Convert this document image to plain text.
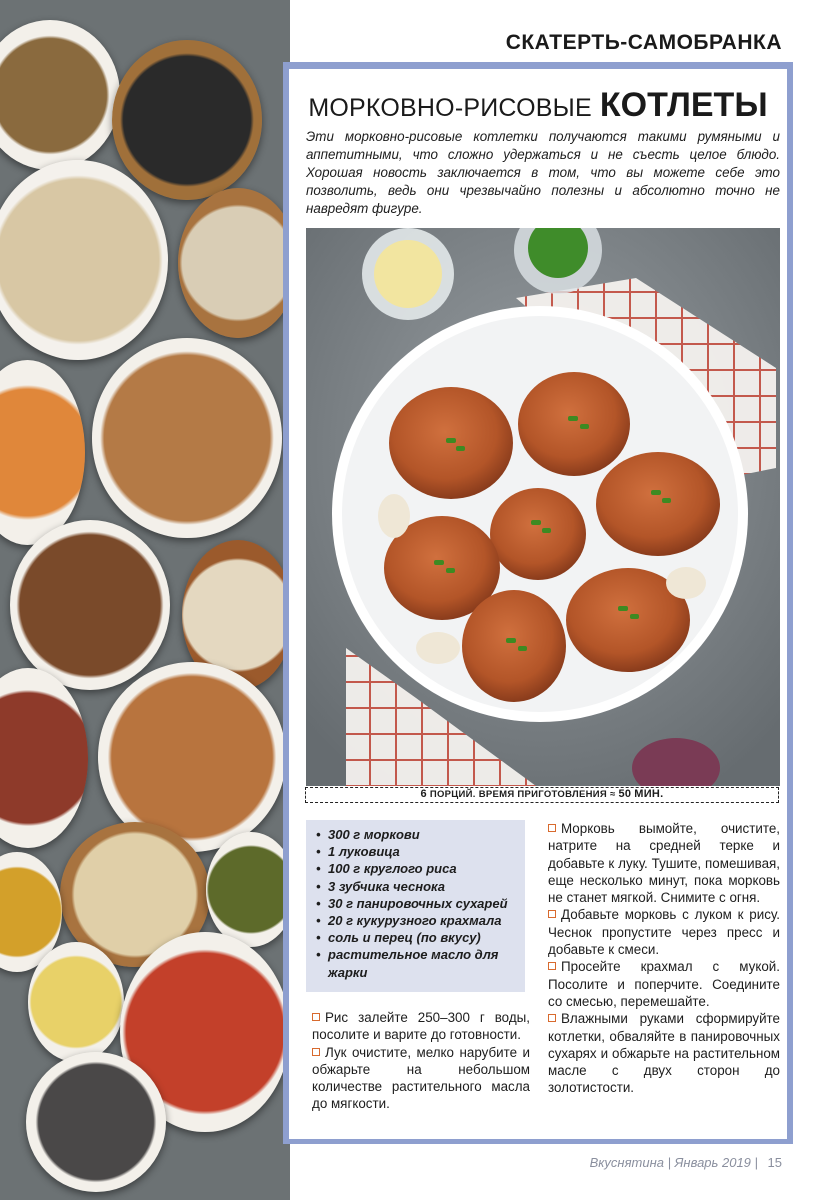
СКАТЕРТЬ-САМОБРАНКА
МОРКОВНО-РИСОВЫЕ КОТЛЕТЫ

Эти морковно-рисовые котлетки получаются такими румяными и аппетитными, что сложно удержаться и не съесть целое блюдо. Хорошая новость заключается в том, что вы можете себе это позволить, ведь они чрезвычайно полезны и абсолютно точно не навредят фигуре.

6 ПОРЦИЙ. ВРЕМЯ ПРИГОТОВЛЕНИЯ ≈ 50 МИН.
• 300 г моркови
• 1 луковица
• 100 г круглого риса
• 3 зубчика чеснока
• 30 г панировочных сухарей
• 20 г кукурузного крахмала
• соль и перец (по вкусу)
• растительное масло для жарки

Рис залейте 250–300 г воды, посолите и варите до готовности.

Лук очистите, мелко нарубите и обжарьте на небольшом количестве растительного масла до мягкости.

Морковь вымойте, очистите, натрите на средней терке и добавьте к луку. Тушите, помешивая, еще несколько минут, пока морковь не станет мягкой. Снимите с огня.

Добавьте морковь с луком к рису. Чеснок пропустите через пресс и добавьте к смеси.

Просейте крахмал с мукой. Посолите и поперчите. Соедините со смесью, перемешайте.

Влажными руками сформируйте котлетки, обваляйте в панировочных сухарях и обжарьте на растительном масле с двух сторон до золотистости.

Вкуснятина | Январь 2019 | 15
